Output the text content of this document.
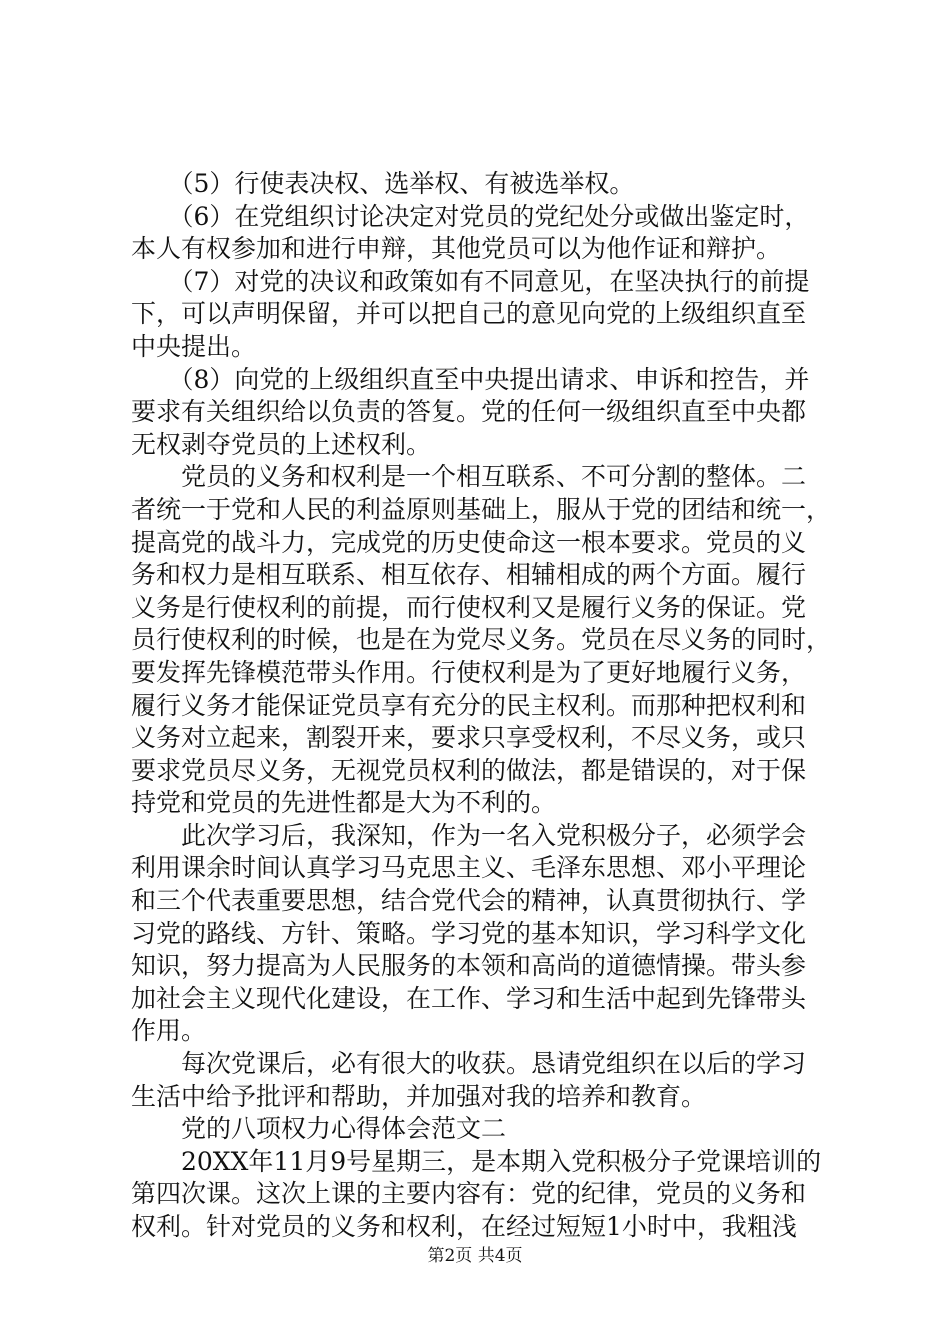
　　（5）行使表决权、选举权、有被选举权。
　　（6）在党组织讨论决定对党员的党纪处分或做出鉴定时，
本人有权参加和进行申辩，其他党员可以为他作证和辩护。
　　（7）对党的决议和政策如有不同意见，在坚决执行的前提
下，可以声明保留，并可以把自己的意见向党的上级组织直至
中央提出。
　　（8）向党的上级组织直至中央提出请求、申诉和控告，并
要求有关组织给以负责的答复。党的任何一级组织直至中央都
无权剥夺党员的上述权利。
　　党员的义务和权利是一个相互联系、不可分割的整体。二
者统一于党和人民的利益原则基础上，服从于党的团结和统一，
提高党的战斗力，完成党的历史使命这一根本要求。党员的义
务和权力是相互联系、相互依存、相辅相成的两个方面。履行
义务是行使权利的前提，而行使权利又是履行义务的保证。党
员行使权利的时候，也是在为党尽义务。党员在尽义务的同时，
要发挥先锋模范带头作用。行使权利是为了更好地履行义务，
履行义务才能保证党员享有充分的民主权利。而那种把权利和
义务对立起来，割裂开来，要求只享受权利，不尽义务，或只
要求党员尽义务，无视党员权利的做法，都是错误的，对于保
持党和党员的先进性都是大为不利的。
　　此次学习后，我深知，作为一名入党积极分子，必须学会
利用课余时间认真学习马克思主义、毛泽东思想、邓小平理论
和三个代表重要思想，结合党代会的精神，认真贯彻执行、学
习党的路线、方针、策略。学习党的基本知识，学习科学文化
知识，努力提高为人民服务的本领和高尚的道德情操。带头参
加社会主义现代化建设，在工作、学习和生活中起到先锋带头
作用。
　　每次党课后，必有很大的收获。恳请党组织在以后的学习
生活中给予批评和帮助，并加强对我的培养和教育。
　　党的八项权力心得体会范文二
　　20XX年11月9号星期三，是本期入党积极分子党课培训的
第四次课。这次上课的主要内容有：党的纪律，党员的义务和
权利。针对党员的义务和权利，在经过短短1小时中，我粗浅
第2页 共4页
